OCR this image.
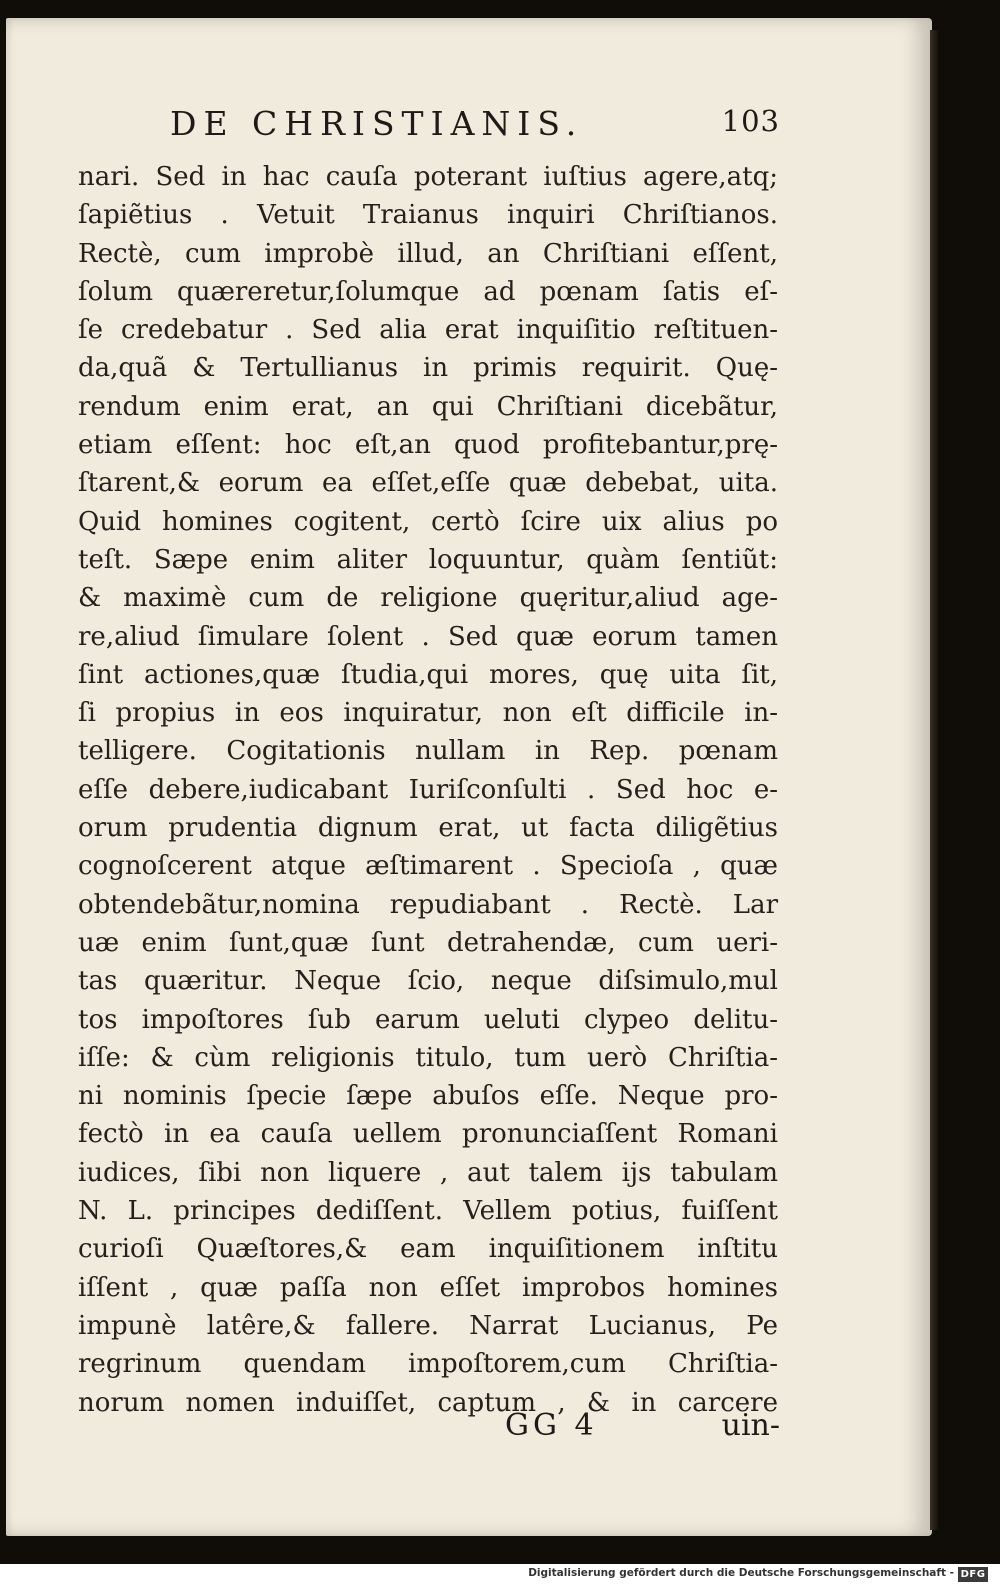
DE CHRISTIANIS.	103
nari. Sed in hac cauſa poterant iuſtius agere,atq;
ſapiẽtius . Vetuit Traianus inquiri Chriſtianos.
Rectè, cum improbè illud, an Chriſtiani eſſent,
ſolum quæreretur,ſolumque ad pœnam ſatis eſ-
ſe credebatur . Sed alia erat inquiſitio reſtituen-
da,quã & Tertullianus in primis requirit. Quę-
rendum enim erat, an qui Chriſtiani dicebãtur,
etiam eſſent: hoc eſt,an quod profitebantur,prę-
ſtarent,& eorum ea eſſet,eſſe quæ debebat, uita.
Quid homines cogitent, certò ſcire uix alius po
teſt. Sæpe enim aliter loquuntur, quàm ſentiũt:
& maximè cum de religione quęritur,aliud age-
re,aliud ſimulare ſolent . Sed quæ eorum tamen
ſint actiones,quæ ſtudia,qui mores, quę uita ſit,
ſi propius in eos inquiratur, non eſt difficile in-
telligere. Cogitationis nullam in Rep. pœnam
eſſe debere,iudicabant Iuriſconſulti . Sed hoc e-
orum prudentia dignum erat, ut facta diligẽtius
cognoſcerent atque æſtimarent . Specioſa , quæ
obtendebãtur,nomina repudiabant . Rectè. Lar
uæ enim ſunt,quæ ſunt detrahendæ, cum ueri-
tas quæritur. Neque ſcio, neque diſsimulo,mul
tos impoſtores ſub earum ueluti clypeo delitu-
iſſe: & cùm religionis titulo, tum uerò Chriſtia-
ni nominis ſpecie ſæpe abuſos eſſe. Neque pro-
fectò in ea cauſa uellem pronunciaſſent Romani
iudices, ſibi non liquere , aut talem ijs tabulam
N. L. principes dediſſent. Vellem potius, fuiſſent
curioſi Quæſtores,& eam inquiſitionem inſtitu
iſſent , quæ paſſa non eſſet improbos homines
impunè latêre,& fallere. Narrat Lucianus, Pe
regrinum quendam impoſtorem,cum Chriſtia-
norum nomen induiſſet, captum , & in carcere
GG 4	uin-
Digitalisierung gefördert durch die Deutsche Forschungsgemeinschaft - DFG
